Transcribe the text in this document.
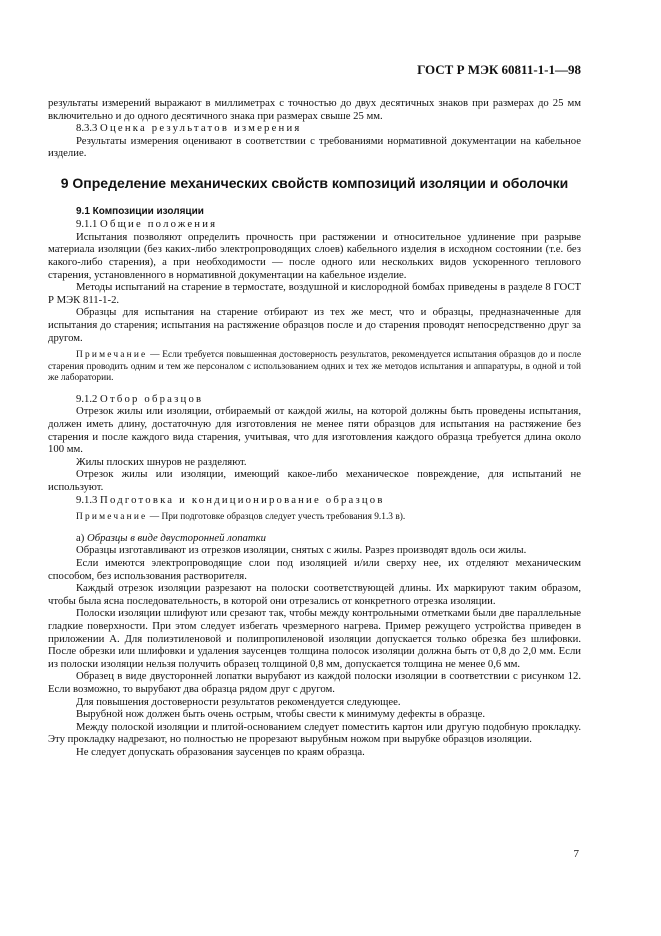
ГОСТ Р МЭК 60811-1-1—98

результаты измерений выражают в миллиметрах с точностью до двух десятичных знаков при размерах до 25 мм включительно и до одного десятичного знака при размерах свыше 25 мм.

8.3.3 Оценка результатов измерения

Результаты измерения оценивают в соответствии с требованиями нормативной документации на кабельное изделие.

9 Определение механических свойств композиций изоляции и оболочки

9.1 Композиции изоляции

9.1.1 Общие положения

Испытания позволяют определить прочность при растяжении и относительное удлинение при разрыве материала изоляции (без каких-либо электропроводящих слоев) кабельного изделия в исходном состоянии (т.е. без какого-либо старения), а при необходимости — после одного или нескольких видов ускоренного теплового старения, установленного в нормативной документации на кабельное изделие.

Методы испытаний на старение в термостате, воздушной и кислородной бомбах приведены в разделе 8 ГОСТ Р МЭК 811-1-2.

Образцы для испытания на старение отбирают из тех же мест, что и образцы, предназначенные для испытания до старения; испытания на растяжение образцов после и до старения проводят непосредственно друг за другом.

Примечание — Если требуется повышенная достоверность результатов, рекомендуется испытания образцов до и после старения проводить одним и тем же персоналом с использованием одних и тех же методов испытания и аппаратуры, в одной и той же лаборатории.

9.1.2 Отбор образцов

Отрезок жилы или изоляции, отбираемый от каждой жилы, на которой должны быть проведены испытания, должен иметь длину, достаточную для изготовления не менее пяти образцов для испытания на растяжение без старения и после каждого вида старения, учитывая, что для изготовления каждого образца требуется длина около 100 мм.

Жилы плоских шнуров не разделяют.

Отрезок жилы или изоляции, имеющий какое-либо механическое повреждение, для испытаний не используют.

9.1.3 Подготовка и кондиционирование образцов

Примечание — При подготовке образцов следует учесть требования 9.1.3 в).

а) Образцы в виде двусторонней лопатки

Образцы изготавливают из отрезков изоляции, снятых с жилы. Разрез производят вдоль оси жилы.

Если имеются электропроводящие слои под изоляцией и/или сверху нее, их отделяют механическим способом, без использования растворителя.

Каждый отрезок изоляции разрезают на полоски соответствующей длины. Их маркируют таким образом, чтобы была ясна последовательность, в которой они отрезались от конкретного отрезка изоляции.

Полоски изоляции шлифуют или срезают так, чтобы между контрольными отметками были две параллельные гладкие поверхности. При этом следует избегать чрезмерного нагрева. Пример режущего устройства приведен в приложении А. Для полиэтиленовой и полипропиленовой изоляции допускается только обрезка без шлифовки. После обрезки или шлифовки и удаления заусенцев толщина полосок изоляции должна быть от 0,8 до 2,0 мм. Если из полоски изоляции нельзя получить образец толщиной 0,8 мм, допускается толщина не менее 0,6 мм.

Образец в виде двусторонней лопатки вырубают из каждой полоски изоляции в соответствии с рисунком 12. Если возможно, то вырубают два образца рядом друг с другом.

Для повышения достоверности результатов рекомендуется следующее.

Вырубной нож должен быть очень острым, чтобы свести к минимуму дефекты в образце.

Между полоской изоляции и плитой-основанием следует поместить картон или другую подобную прокладку. Эту прокладку надрезают, но полностью не прорезают вырубным ножом при вырубке образцов изоляции.

Не следует допускать образования заусенцев по краям образца.

7
